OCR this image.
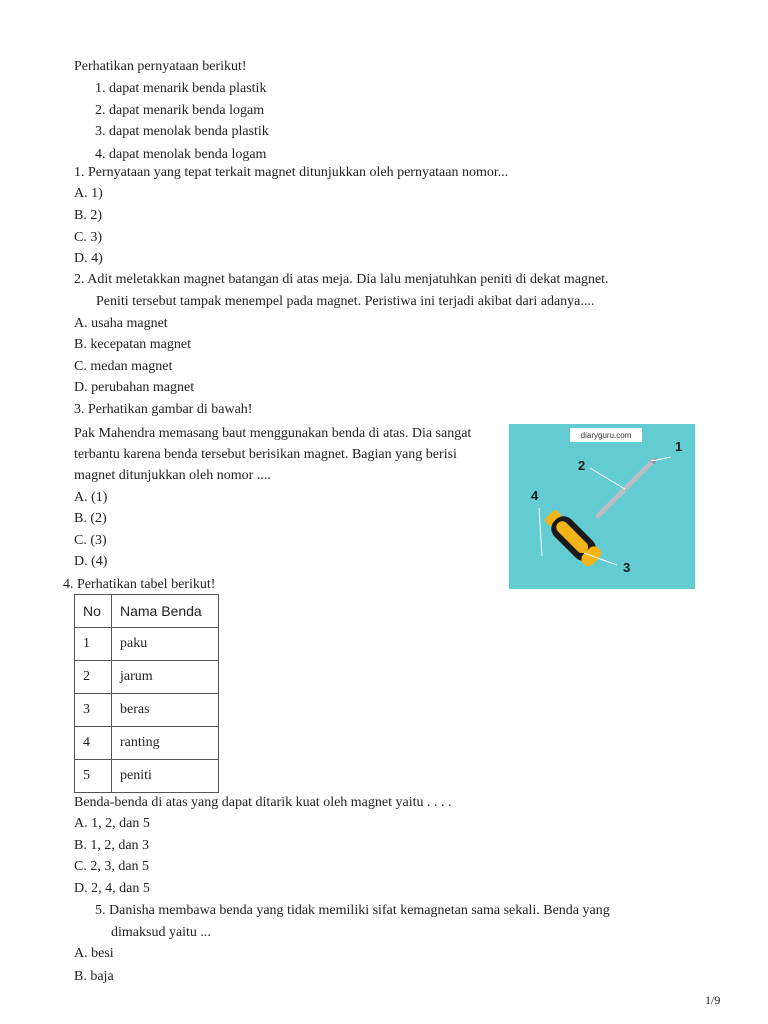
Perhatikan pernyataan berikut!
1. dapat menarik benda plastik
2. dapat menarik benda logam
3. dapat menolak benda plastik
4. dapat menolak benda logam
1. Pernyataan yang tepat terkait magnet ditunjukkan oleh pernyataan nomor...
A. 1)
B. 2)
C. 3)
D. 4)
2. Adit meletakkan magnet batangan di atas meja. Dia lalu menjatuhkan peniti di dekat magnet.
Peniti tersebut tampak menempel pada magnet. Peristiwa ini terjadi akibat dari adanya....
A. usaha magnet
B. kecepatan magnet
C. medan magnet
D. perubahan magnet
3. Perhatikan gambar di bawah!
Pak Mahendra memasang baut menggunakan benda di atas. Dia sangat
terbantu karena benda tersebut berisikan magnet. Bagian yang berisi
magnet ditunjukkan oleh nomor ....
A. (1)
B. (2)
C. (3)
D. (4)
diaryguru.com
1
2
3
4
4. Perhatikan tabel berikut!
No	Nama Benda
1	paku
2	jarum
3	beras
4	ranting
5	peniti
Benda-benda di atas yang dapat ditarik kuat oleh magnet yaitu . . . .
A. 1, 2, dan 5
B. 1, 2, dan 3
C. 2, 3, dan 5
D. 2, 4, dan 5
5. Danisha membawa benda yang tidak memiliki sifat kemagnetan sama sekali. Benda yang
dimaksud yaitu ...
A. besi
B. baja
1/9
